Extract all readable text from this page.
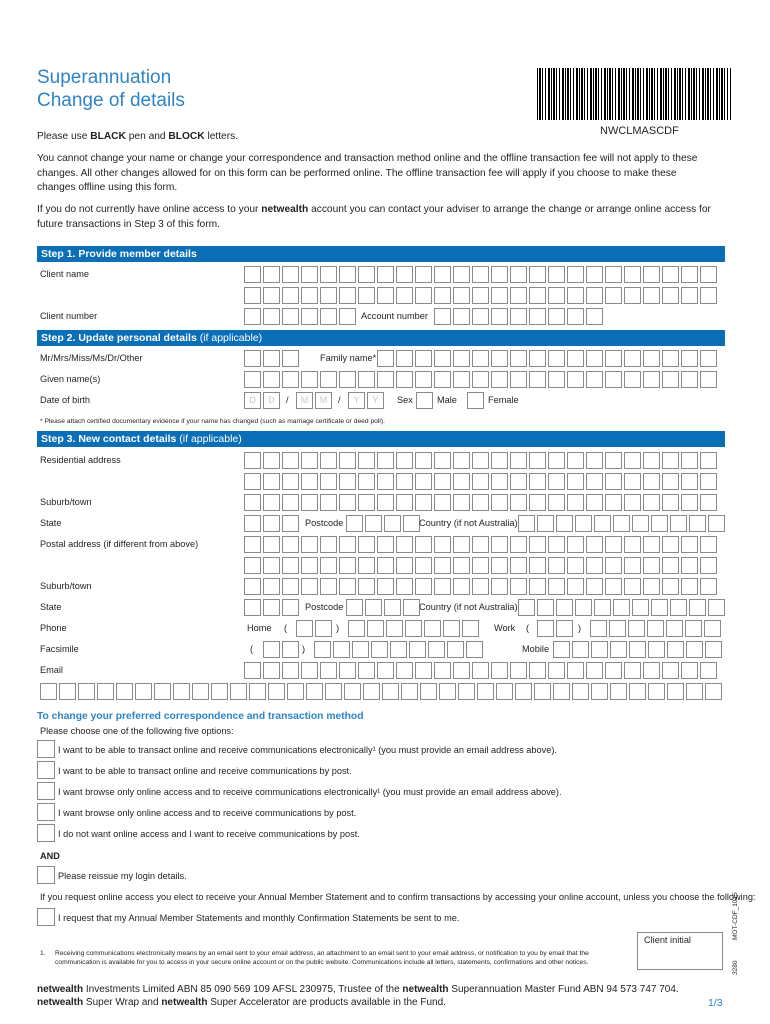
Superannuation
Change of details
NWCLMASCDF

Please use BLACK pen and BLOCK letters.

You cannot change your name or change your correspondence and transaction method online and the offline transaction fee will not apply to these changes. All other changes allowed for on this form can be performed online. The offline transaction fee will apply if you choose to make these changes offline using this form.

If you do not currently have online access to your netwealth account you can contact your adviser to arrange the change or arrange online access for future transactions in Step 3 of this form.

Step 1. Provide member details
Client name
Client number	Account number
Step 2. Update personal details (if applicable)
Mr/Mrs/Miss/Ms/Dr/Other	Family name*
Given name(s)
Date of birth	D	D	/	M	M	/	Y	Y	Sex	Male	Female
* Please attach certified documentary evidence if your name has changed (such as marriage certificate or deed poll).
Step 3. New contact details (if applicable)
Residential address
Suburb/town
State	Postcode	Country (if not Australia)
Postal address (if different from above)
Suburb/town
State	Postcode	Country (if not Australia)
Phone	Home (	)	Work (	)
Facsimile	(	)	Mobile
Email
To change your preferred correspondence and transaction method
Please choose one of the following five options:
I want to be able to transact online and receive communications electronically¹ (you must provide an email address above).
I want to be able to transact online and receive communications by post.
I want browse only online access and to receive communications electronically¹ (you must provide an email address above).
I want browse only online access and to receive communications by post.
I do not want online access and I want to receive communications by post.
AND
Please reissue my login details.
If you request online access you elect to receive your Annual Member Statement and to confirm transactions by accessing your online account, unless you choose the following:
I request that my Annual Member Statements and monthly Confirmation Statements be sent to me.
Client initial
1. Receiving communications electronically means by an email sent to your email address, an attachment to an email sent to your email address, or notification to you by email that the communication is available for you to access in your secure online account or on the public website. Communications include all letters, statements, confirmations and other notices.
MOT-CDF_1015
3280
netwealth Investments Limited ABN 85 090 569 109 AFSL 230975, Trustee of the netwealth Superannuation Master Fund ABN 94 573 747 704.
netwealth Super Wrap and netwealth Super Accelerator are products available in the Fund.	1/3
